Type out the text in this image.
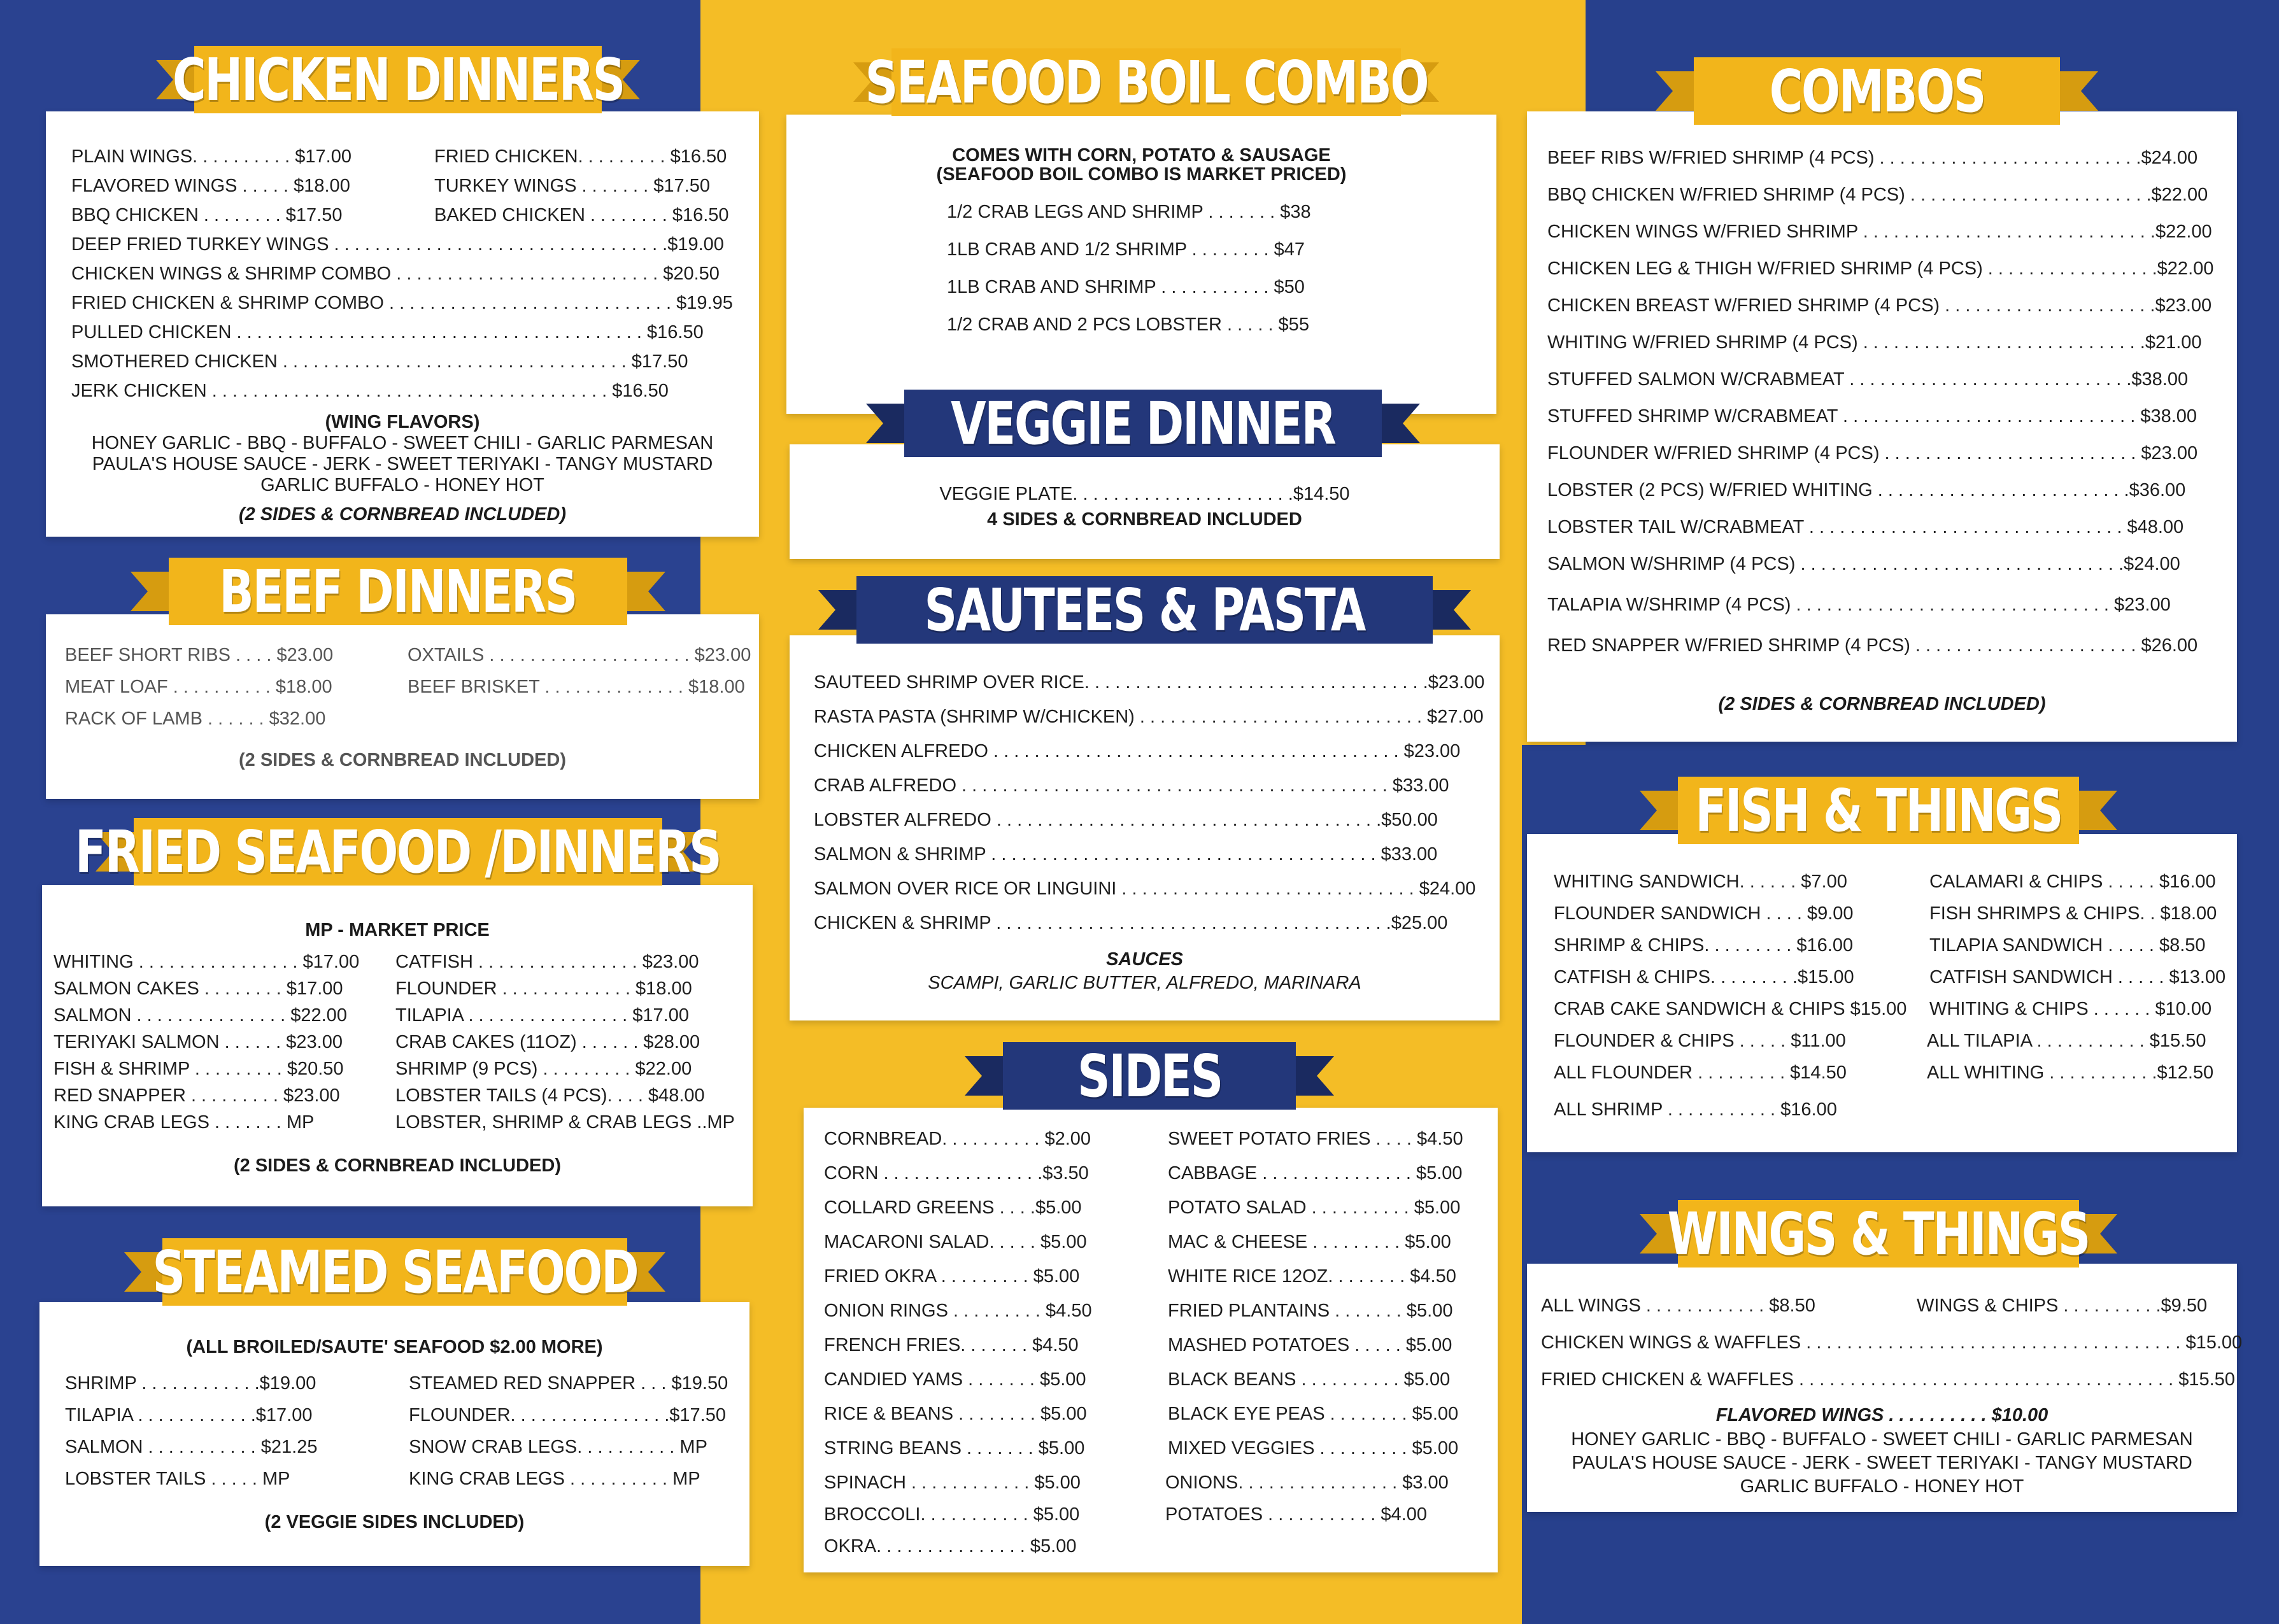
PLAIN WINGS. . . . . . . . . . $17.00
FLAVORED WINGS . . . . . $18.00
BBQ CHICKEN . . . . . . . . $17.50
FRIED CHICKEN. . . . . . . . . $16.50
TURKEY WINGS . . . . . . . $17.50
BAKED CHICKEN . . . . . . . . $16.50
DEEP FRIED TURKEY WINGS . . . . . . . . . . . . . . . . . . . . . . . . . . . . . . . . .$19.00
CHICKEN WINGS & SHRIMP COMBO . . . . . . . . . . . . . . . . . . . . . . . . . . $20.50
FRIED CHICKEN & SHRIMP COMBO . . . . . . . . . . . . . . . . . . . . . . . . . . . . $19.95
PULLED CHICKEN . . . . . . . . . . . . . . . . . . . . . . . . . . . . . . . . . . . . . . . . $16.50
SMOTHERED CHICKEN . . . . . . . . . . . . . . . . . . . . . . . . . . . . . . . . . . $17.50
JERK CHICKEN . . . . . . . . . . . . . . . . . . . . . . . . . . . . . . . . . . . . . . . $16.50
(WING FLAVORS)
HONEY GARLIC - BBQ - BUFFALO - SWEET CHILI - GARLIC PARMESAN
PAULA'S HOUSE SAUCE - JERK - SWEET TERIYAKI - TANGY MUSTARD
GARLIC BUFFALO - HONEY HOT
(2 SIDES & CORNBREAD INCLUDED)
CHICKEN DINNERS
BEEF SHORT RIBS . . . . $23.00
MEAT LOAF . . . . . . . . . . $18.00
RACK OF LAMB . . . . . . $32.00
OXTAILS . . . . . . . . . . . . . . . . . . . . $23.00
BEEF BRISKET . . . . . . . . . . . . . . $18.00
(2 SIDES & CORNBREAD INCLUDED)
BEEF DINNERS
MP - MARKET PRICE
WHITING . . . . . . . . . . . . . . . . $17.00
SALMON CAKES . . . . . . . . $17.00
SALMON . . . . . . . . . . . . . . . $22.00
TERIYAKI SALMON . . . . . . $23.00
FISH & SHRIMP . . . . . . . . . $20.50
RED SNAPPER . . . . . . . . . $23.00
KING CRAB LEGS . . . . . . . MP
CATFISH . . . . . . . . . . . . . . . . $23.00
FLOUNDER . . . . . . . . . . . . . $18.00
TILAPIA . . . . . . . . . . . . . . . . $17.00
CRAB CAKES (11OZ) . . . . . . $28.00
SHRIMP (9 PCS) . . . . . . . . . $22.00
LOBSTER TAILS (4 PCS). . . . $48.00
LOBSTER, SHRIMP & CRAB LEGS ..MP
(2 SIDES & CORNBREAD INCLUDED)
FRIED SEAFOOD /DINNERS
(ALL BROILED/SAUTE' SEAFOOD $2.00 MORE)
SHRIMP . . . . . . . . . . . .$19.00
TILAPIA . . . . . . . . . . . .$17.00
SALMON . . . . . . . . . . . $21.25
LOBSTER TAILS . . . . . MP
STEAMED RED SNAPPER . . . $19.50
FLOUNDER. . . . . . . . . . . . . . . .$17.50
SNOW CRAB LEGS. . . . . . . . . . MP
KING CRAB LEGS . . . . . . . . . . MP
(2 VEGGIE SIDES INCLUDED)
STEAMED SEAFOOD
COMES WITH CORN, POTATO & SAUSAGE
(SEAFOOD BOIL COMBO IS MARKET PRICED)
1/2 CRAB LEGS AND SHRIMP . . . . . . . $38
1LB CRAB AND 1/2 SHRIMP . . . . . . . . $47
1LB CRAB AND SHRIMP . . . . . . . . . . . $50
1/2 CRAB AND 2 PCS LOBSTER . . . . . $55
SEAFOOD BOIL COMBO
VEGGIE PLATE. . . . . . . . . . . . . . . . . . . . . .$14.50
4 SIDES & CORNBREAD INCLUDED
VEGGIE DINNER
SAUTEED SHRIMP OVER RICE. . . . . . . . . . . . . . . . . . . . . . . . . . . . . . . . . .$23.00
RASTA PASTA (SHRIMP W/CHICKEN) . . . . . . . . . . . . . . . . . . . . . . . . . . . . $27.00
CHICKEN ALFREDO . . . . . . . . . . . . . . . . . . . . . . . . . . . . . . . . . . . . . . . . $23.00
CRAB ALFREDO . . . . . . . . . . . . . . . . . . . . . . . . . . . . . . . . . . . . . . . . . . $33.00
LOBSTER ALFREDO . . . . . . . . . . . . . . . . . . . . . . . . . . . . . . . . . . . . . .$50.00
SALMON & SHRIMP . . . . . . . . . . . . . . . . . . . . . . . . . . . . . . . . . . . . . . $33.00
SALMON OVER RICE OR LINGUINI . . . . . . . . . . . . . . . . . . . . . . . . . . . . . $24.00
CHICKEN & SHRIMP . . . . . . . . . . . . . . . . . . . . . . . . . . . . . . . . . . . . . . .$25.00
SAUCES
SCAMPI, GARLIC BUTTER, ALFREDO, MARINARA
SAUTEES & PASTA
CORNBREAD. . . . . . . . . . $2.00
CORN . . . . . . . . . . . . . . . .$3.50
COLLARD GREENS . . . .$5.00
MACARONI SALAD. . . . . $5.00
FRIED OKRA . . . . . . . . . $5.00
ONION RINGS . . . . . . . . . $4.50
FRENCH FRIES. . . . . . . $4.50
CANDIED YAMS . . . . . . . $5.00
RICE & BEANS . . . . . . . . $5.00
STRING BEANS . . . . . . . $5.00
SPINACH . . . . . . . . . . . . $5.00
BROCCOLI. . . . . . . . . . . $5.00
OKRA. . . . . . . . . . . . . . . $5.00
SWEET POTATO FRIES . . . . $4.50
CABBAGE . . . . . . . . . . . . . . . $5.00
POTATO SALAD . . . . . . . . . . $5.00
MAC & CHEESE . . . . . . . . . $5.00
WHITE RICE 12OZ. . . . . . . . $4.50
FRIED PLANTAINS . . . . . . . $5.00
MASHED POTATOES . . . . . $5.00
BLACK BEANS . . . . . . . . . . $5.00
BLACK EYE PEAS . . . . . . . . $5.00
MIXED VEGGIES . . . . . . . . . $5.00
ONIONS. . . . . . . . . . . . . . . . $3.00
POTATOES . . . . . . . . . . . $4.00
SIDES
BEEF RIBS W/FRIED SHRIMP (4 PCS) . . . . . . . . . . . . . . . . . . . . . . . . . .$24.00
BBQ CHICKEN W/FRIED SHRIMP (4 PCS) . . . . . . . . . . . . . . . . . . . . . . . .$22.00
CHICKEN WINGS W/FRIED SHRIMP . . . . . . . . . . . . . . . . . . . . . . . . . . . . .$22.00
CHICKEN LEG & THIGH W/FRIED SHRIMP (4 PCS) . . . . . . . . . . . . . . . . .$22.00
CHICKEN BREAST W/FRIED SHRIMP (4 PCS) . . . . . . . . . . . . . . . . . . . . .$23.00
WHITING W/FRIED SHRIMP (4 PCS) . . . . . . . . . . . . . . . . . . . . . . . . . . . .$21.00
STUFFED SALMON W/CRABMEAT . . . . . . . . . . . . . . . . . . . . . . . . . . . .$38.00
STUFFED SHRIMP W/CRABMEAT . . . . . . . . . . . . . . . . . . . . . . . . . . . . . $38.00
FLOUNDER W/FRIED SHRIMP (4 PCS) . . . . . . . . . . . . . . . . . . . . . . . . . $23.00
LOBSTER (2 PCS) W/FRIED WHITING . . . . . . . . . . . . . . . . . . . . . . . . .$36.00
LOBSTER TAIL W/CRABMEAT . . . . . . . . . . . . . . . . . . . . . . . . . . . . . . . $48.00
SALMON W/SHRIMP (4 PCS) . . . . . . . . . . . . . . . . . . . . . . . . . . . . . . . .$24.00
TALAPIA W/SHRIMP (4 PCS) . . . . . . . . . . . . . . . . . . . . . . . . . . . . . . . $23.00
RED SNAPPER W/FRIED SHRIMP (4 PCS) . . . . . . . . . . . . . . . . . . . . . . $26.00
(2 SIDES & CORNBREAD INCLUDED)
COMBOS
WHITING SANDWICH. . . . . . $7.00
FLOUNDER SANDWICH . . . . $9.00
SHRIMP & CHIPS. . . . . . . . . $16.00
CATFISH & CHIPS. . . . . . . . .$15.00
CRAB CAKE SANDWICH & CHIPS $15.00
FLOUNDER & CHIPS . . . . . $11.00
ALL FLOUNDER . . . . . . . . . $14.50
ALL SHRIMP . . . . . . . . . . . $16.00
CALAMARI & CHIPS . . . . . $16.00
FISH SHRIMPS & CHIPS. . $18.00
TILAPIA SANDWICH . . . . . $8.50
CATFISH SANDWICH . . . . . $13.00
WHITING & CHIPS . . . . . . $10.00
ALL TILAPIA . . . . . . . . . . . $15.50
ALL WHITING . . . . . . . . . . .$12.50
FISH & THINGS
ALL WINGS . . . . . . . . . . . . $8.50	WINGS & CHIPS . . . . . . . . . .$9.50
CHICKEN WINGS & WAFFLES . . . . . . . . . . . . . . . . . . . . . . . . . . . . . . . . . . . . . $15.00
FRIED CHICKEN & WAFFLES . . . . . . . . . . . . . . . . . . . . . . . . . . . . . . . . . . . . . $15.50
FLAVORED WINGS . . . . . . . . . . $10.00
HONEY GARLIC - BBQ - BUFFALO - SWEET CHILI - GARLIC PARMESAN
PAULA'S HOUSE SAUCE - JERK - SWEET TERIYAKI - TANGY MUSTARD
GARLIC BUFFALO - HONEY HOT
WINGS & THINGS
